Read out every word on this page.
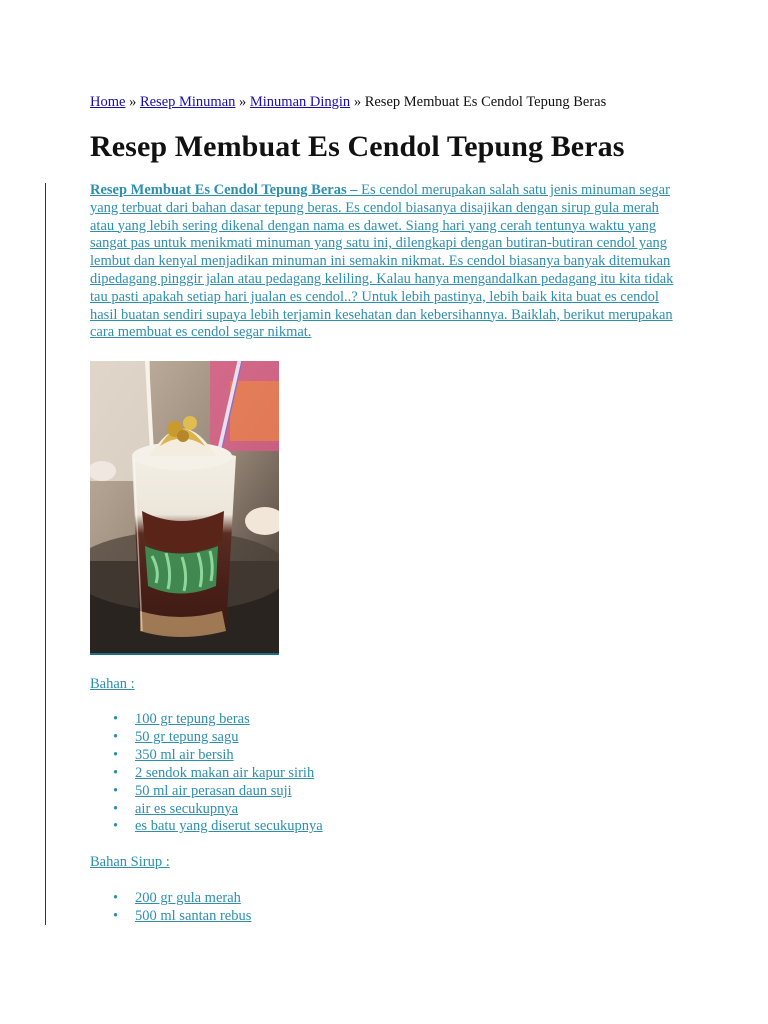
Home » Resep Minuman » Minuman Dingin » Resep Membuat Es Cendol Tepung Beras
Resep Membuat Es Cendol Tepung Beras

Resep Membuat Es Cendol Tepung Beras – Es cendol merupakan salah satu jenis minuman segar yang terbuat dari bahan dasar tepung beras. Es cendol biasanya disajikan dengan sirup gula merah atau yang lebih sering dikenal dengan nama es dawet. Siang hari yang cerah tentunya waktu yang sangat pas untuk menikmati minuman yang satu ini, dilengkapi dengan butiran-butiran cendol yang lembut dan kenyal menjadikan minuman ini semakin nikmat. Es cendol biasanya banyak ditemukan dipedagang pinggir jalan atau pedagang keliling. Kalau hanya mengandalkan pedagang itu kita tidak tau pasti apakah setiap hari jualan es cendol..? Untuk lebih pastinya, lebih baik kita buat es cendol hasil buatan sendiri supaya lebih terjamin kesehatan dan kebersihannya. Baiklah, berikut merupakan cara membuat es cendol segar nikmat.

Bahan :
• 100 gr tepung beras
• 50 gr tepung sagu
• 350 ml air bersih
• 2 sendok makan air kapur sirih
• 50 ml air perasan daun suji
• air es secukupnya
• es batu yang diserut secukupnya
Bahan Sirup :
• 200 gr gula merah
• 500 ml santan rebus
